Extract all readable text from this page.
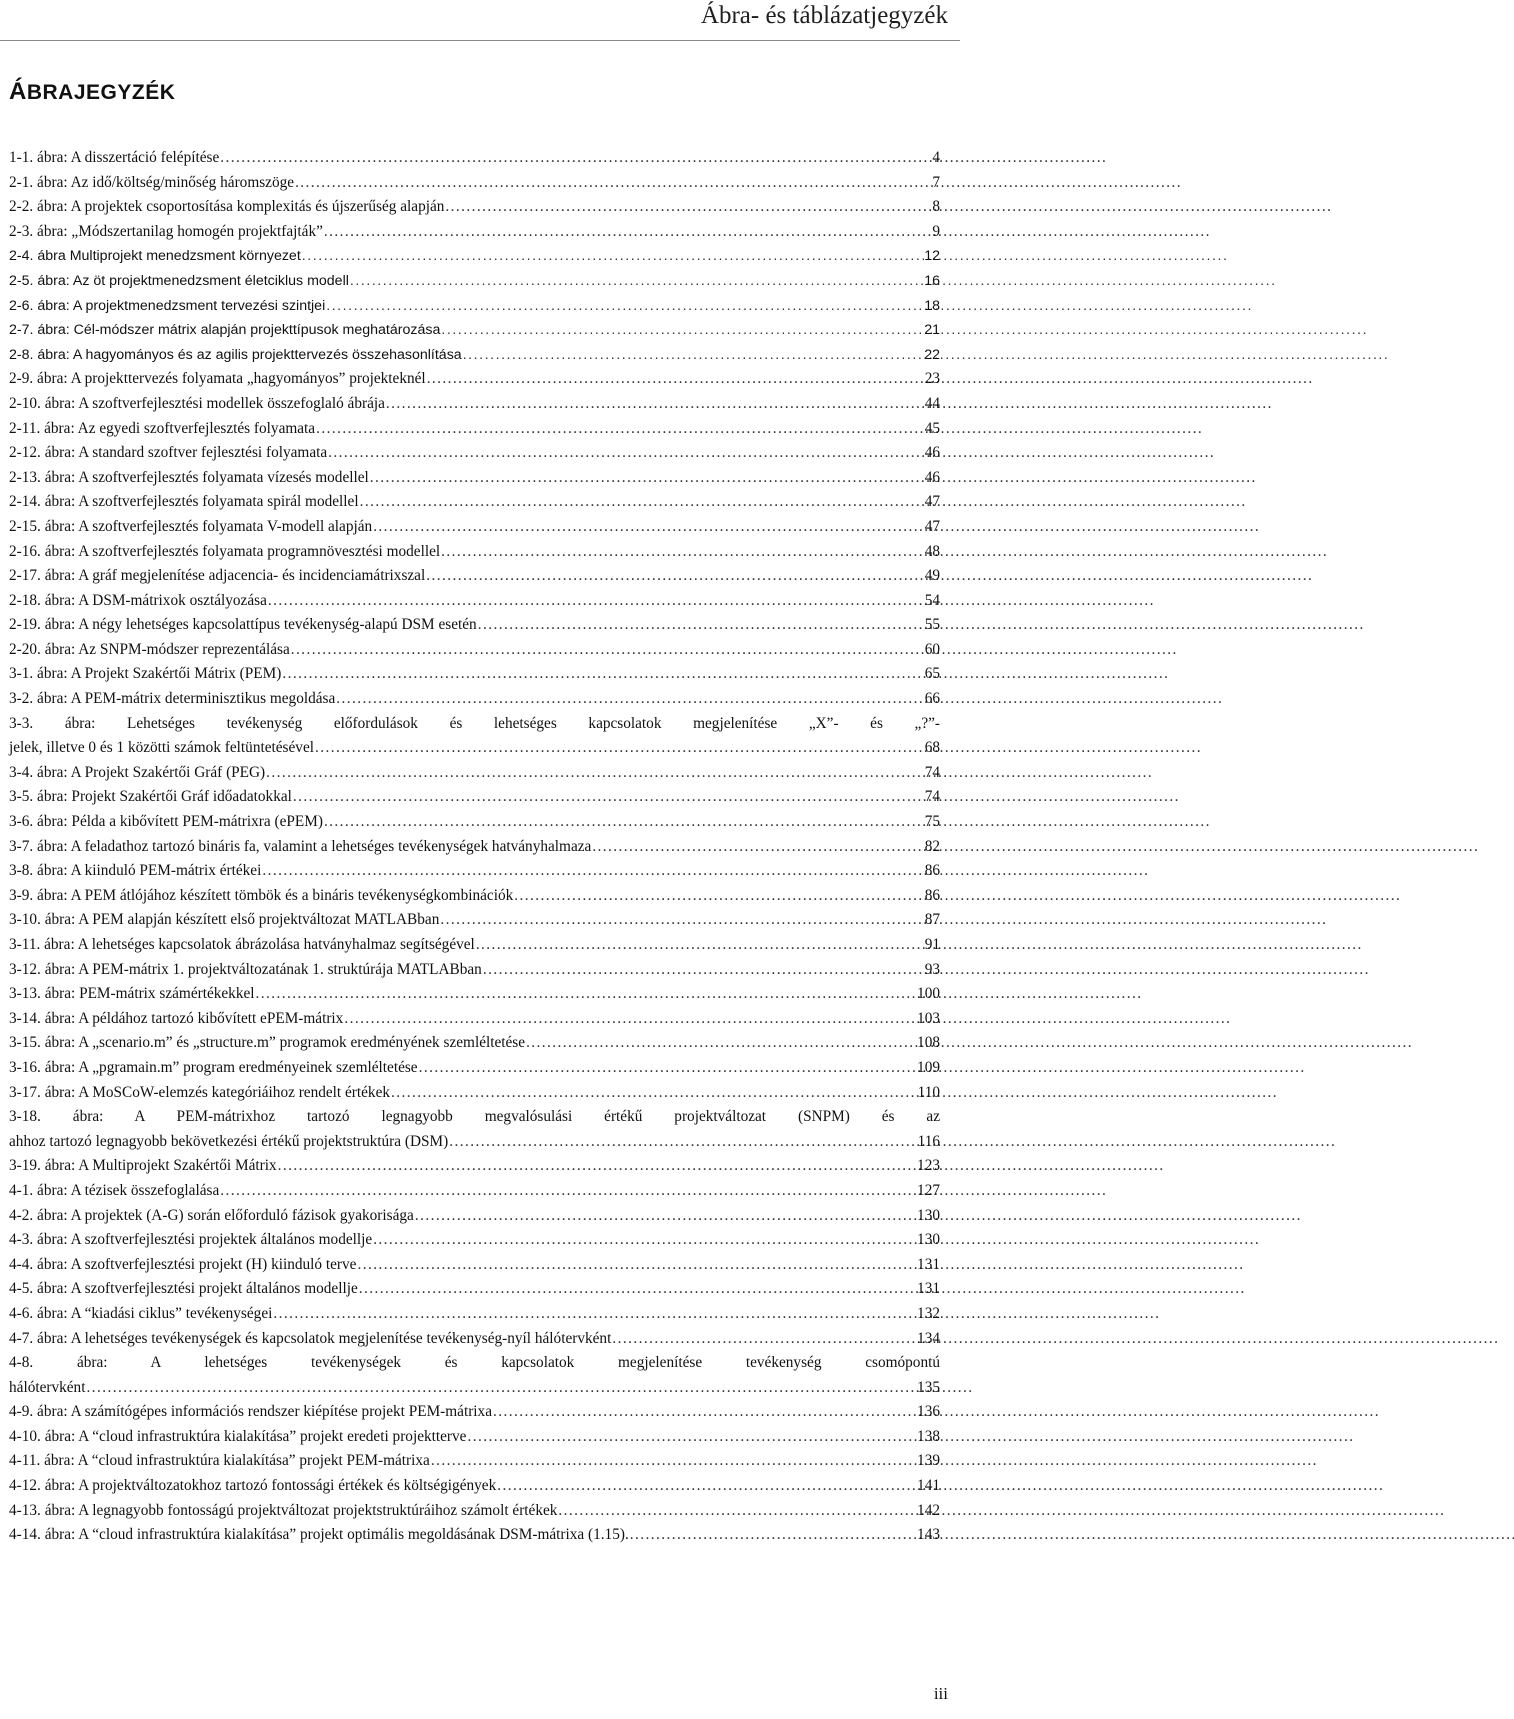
Ábra- és táblázatjegyzék
ÁBRAJEGYZÉK
1-1. ábra: A disszertáció felépítése . . .	4
2-1. ábra: Az idő/költség/minőség háromszöge . . .	7
2-2. ábra: A projektek csoportosítása komplexitás és újszerűség alapján . . .	8
2-3. ábra: „Módszertanilag homogén projektfajták” . . .	9
2-4. ábra Multiprojekt menedzsment környezet . . .	12
2-5. ábra: Az öt projektmenedzsment életciklus modell . . .	16
2-6. ábra: A projektmenedzsment tervezési szintjei . . .	18
2-7. ábra: Cél-módszer mátrix alapján projekttípusok meghatározása . . .	21
2-8. ábra: A hagyományos és az agilis projekttervezés összehasonlítása . . .	22
2-9. ábra: A projekttervezés folyamata „hagyományos” projekteknél . . .	23
2-10. ábra: A szoftverfejlesztési modellek összefoglaló ábrája . . .	44
2-11. ábra: Az egyedi szoftverfejlesztés folyamata . . .	45
2-12. ábra: A standard szoftver fejlesztési folyamata . . .	46
2-13. ábra: A szoftverfejlesztés folyamata vízesés modellel . . .	46
2-14. ábra: A szoftverfejlesztés folyamata spirál modellel . . .	47
2-15. ábra: A szoftverfejlesztés folyamata V-modell alapján . . .	47
2-16. ábra: A szoftverfejlesztés folyamata programnövesztési modellel . . .	48
2-17. ábra: A gráf megjelenítése adjacencia- és incidenciamátrixszal . . .	49
2-18. ábra: A DSM-mátrixok osztályozása . . .	54
2-19. ábra: A négy lehetséges kapcsolattípus tevékenység-alapú DSM esetén . . .	55
2-20. ábra: Az SNPM-módszer reprezentálása . . .	60
3-1. ábra: A Projekt Szakértői Mátrix (PEM) . . .	65
3-2. ábra: A PEM-mátrix determinisztikus megoldása . . .	66
3-3. ábra: Lehetséges tevékenység előfordulások és lehetséges kapcsolatok megjelenítése „X”- és „?”-
jelek, illetve 0 és 1 közötti számok feltüntetésével . . .	68
3-4. ábra: A Projekt Szakértői Gráf (PEG) . . .	74
3-5. ábra: Projekt Szakértői Gráf időadatokkal . . .	74
3-6. ábra: Példa a kibővített PEM-mátrixra (ePEM) . . .	75
3-7. ábra: A feladathoz tartozó bináris fa, valamint a lehetséges tevékenységek hatványhalmaza . . .	82
3-8. ábra: A kiinduló PEM-mátrix értékei . . .	86
3-9. ábra: A PEM átlójához készített tömbök és a bináris tevékenységkombinációk . . .	86
3-10. ábra: A PEM alapján készített első projektváltozat MATLABban . . .	87
3-11. ábra: A lehetséges kapcsolatok ábrázolása hatványhalmaz segítségével . . .	91
3-12. ábra: A PEM-mátrix 1. projektváltozatának 1. struktúrája MATLABban . . .	93
3-13. ábra: PEM-mátrix számértékekkel . . .	100
3-14. ábra: A példához tartozó kibővített ePEM-mátrix . . .	103
3-15. ábra: A „scenario.m” és „structure.m” programok eredményének szemléltetése . . .	108
3-16. ábra: A „pgramain.m” program eredményeinek szemléltetése . . .	109
3-17. ábra: A MoSCoW-elemzés kategóriáihoz rendelt értékek . . .	110
3-18. ábra: A PEM-mátrixhoz tartozó legnagyobb megvalósulási értékű projektváltozat (SNPM) és az
ahhoz tartozó legnagyobb bekövetkezési értékű projektstruktúra (DSM) . . .	116
3-19. ábra: A Multiprojekt Szakértői Mátrix . . .	123
4-1. ábra: A tézisek összefoglalása . . .	127
4-2. ábra: A projektek (A-G) során előforduló fázisok gyakorisága . . .	130
4-3. ábra: A szoftverfejlesztési projektek általános modellje . . .	130
4-4. ábra: A szoftverfejlesztési projekt (H) kiinduló terve . . .	131
4-5. ábra: A szoftverfejlesztési projekt általános modellje . . .	131
4-6. ábra: A “kiadási ciklus” tevékenységei . . .	132
4-7. ábra: A lehetséges tevékenységek és kapcsolatok megjelenítése tevékenység-nyíl hálótervként . . .	134
4-8. ábra: A lehetséges tevékenységek és kapcsolatok megjelenítése tevékenység csomópontú
hálótervként . . .	135
4-9. ábra: A számítógépes információs rendszer kiépítése projekt PEM-mátrixa . . .	136
4-10. ábra: A “cloud infrastruktúra kialakítása” projekt eredeti projektterve . . .	138
4-11. ábra: A “cloud infrastruktúra kialakítása” projekt PEM-mátrixa . . .	139
4-12. ábra: A projektváltozatokhoz tartozó fontossági értékek és költségigények . . .	141
4-13. ábra: A legnagyobb fontosságú projektváltozat projektstruktúráihoz számolt értékek . . .	142
4-14. ábra: A “cloud infrastruktúra kialakítása” projekt optimális megoldásának DSM-mátrixa (1.15). . . .	143
iii
